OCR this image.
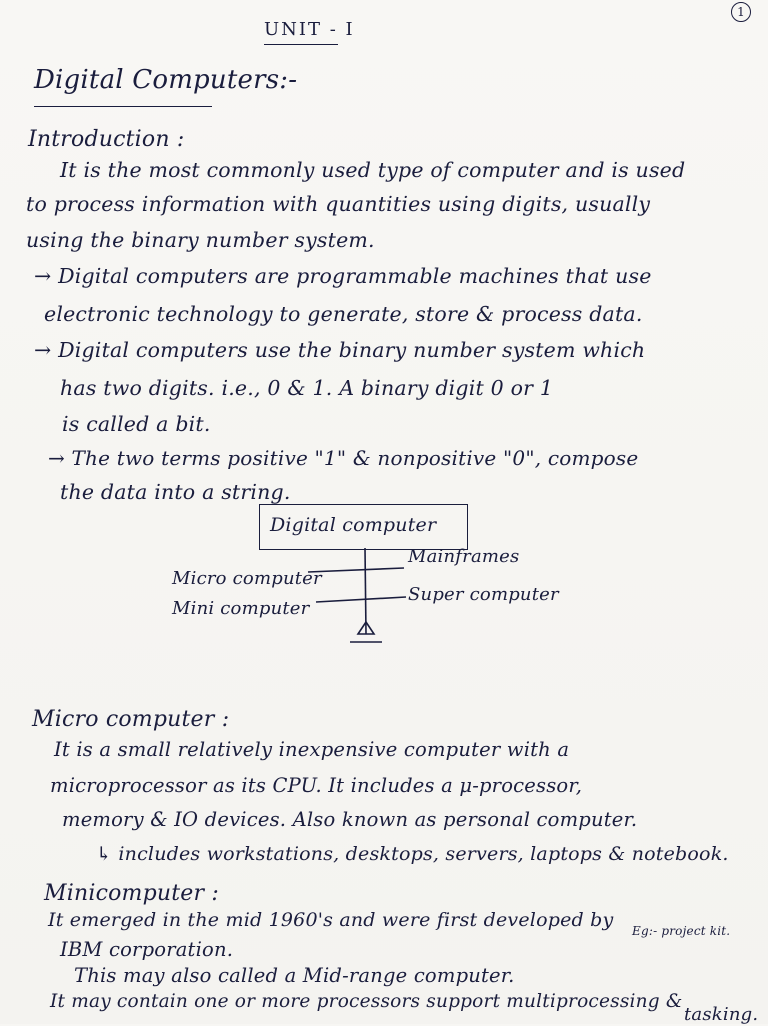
UNIT - I
1
Digital Computers:-
Introduction :
It is the most commonly used type of computer and is used
to process information with quantities using digits, usually
using the binary number system.
→ Digital computers are programmable machines that use
electronic technology to generate, store & process data.
→ Digital computers use the binary number system which
has two digits. i.e., 0 & 1. A binary digit 0 or 1
is called a bit.
→ The two terms positive "1" & nonpositive "0", compose
the data into a string.
Digital computer
Micro computer
Mini computer
Mainframes
Super computer
Micro computer :
It is a small relatively inexpensive computer with a
microprocessor as its CPU. It includes a μ-processor,
memory & IO devices. Also known as personal computer.
↳ includes workstations, desktops, servers, laptops & notebook.
Minicomputer :
It emerged in the mid 1960's and were first developed by
IBM corporation.
Eg:- project kit.
This may also called a Mid-range computer.
It may contain one or more processors support multiprocessing &
tasking.
